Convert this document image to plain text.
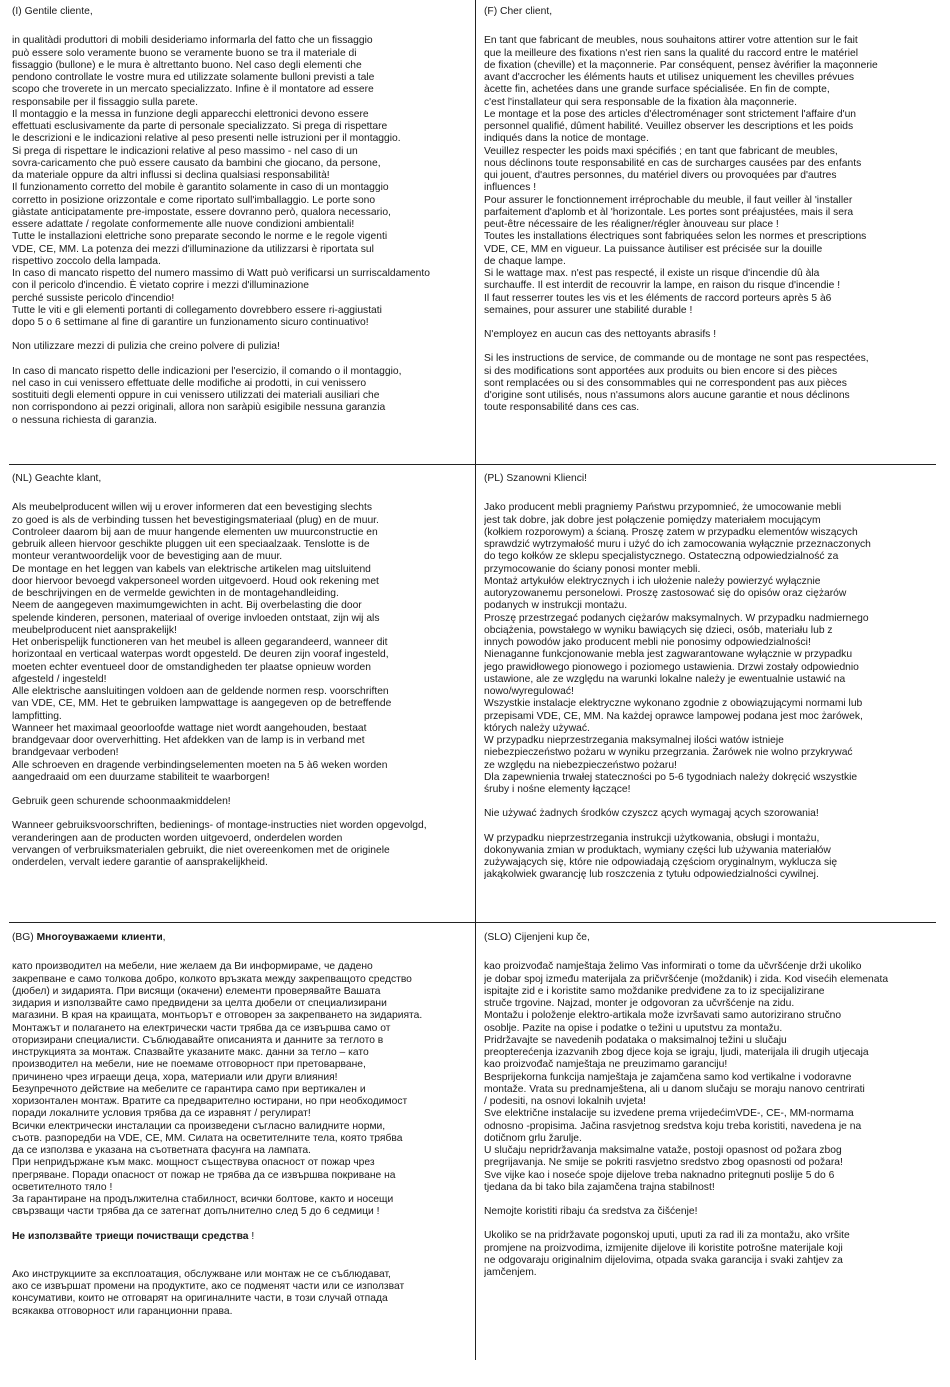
(I) Gentile cliente,

in qualitàdi produttori di mobili desideriamo informarla del fatto che un fissaggio
può essere solo veramente buono se veramente buono se tra il materiale di
fissaggio (bullone) e le mura è altrettanto buono. Nel caso degli elementi che
pendono controllate le vostre mura ed utilizzate solamente bulloni previsti a tale
scopo che troverete in un mercato specializzato. Infine è il montatore ad essere
responsabile per il fissaggio sulla parete.
Il montaggio e la messa in funzione degli apparecchi elettronici devono essere
effettuati esclusivamente da parte di personale specializzato. Si prega di rispettare
le descrizioni e le indicazioni relative al peso presenti nelle istruzioni per il montaggio.
Si prega di rispettare le indicazioni relative al peso massimo - nel caso di un
sovra-caricamento che può essere causato da bambini che giocano, da persone,
da materiale oppure da altri influssi si declina qualsiasi responsabilità!
Il funzionamento corretto del mobile è garantito solamente in caso di un montaggio
corretto in posizione orizzontale e come riportato sull'imballaggio. Le porte sono
giàstate anticipatamente pre-impostate, essere dovranno però, qualora necessario,
essere adattate / regolate conformemente alle nuove condizioni ambientali!
Tutte le installazioni elettriche sono preparate secondo le norme e le regole vigenti
VDE, CE, MM. La potenza dei mezzi d'illuminazione da utilizzarsi è riportata sul
rispettivo zoccolo della lampada.
In caso di mancato rispetto del numero massimo di Watt può verificarsi un surriscaldamento
con il pericolo d'incendio. È vietato coprire i mezzi d'illuminazione
perché sussiste pericolo d'incendio!
Tutte le viti e gli elementi portanti di collegamento dovrebbero essere ri-aggiustati
dopo 5 o 6 settimane al fine di garantire un funzionamento sicuro continuativo!

Non utilizzare mezzi di pulizia che creino polvere di pulizia!

In caso di mancato rispetto delle indicazioni per l'esercizio, il comando o il montaggio,
nel caso in cui venissero effettuate delle modifiche ai prodotti, in cui venissero
sostituiti degli elementi oppure in cui venissero utilizzati dei materiali ausiliari che
non corrispondono ai pezzi originali, allora non saràpiù esigibile nessuna garanzia
o nessuna richiesta di garanzia.

(F) Cher client,

En tant que fabricant de meubles, nous souhaitons attirer votre attention sur le fait
que la meilleure des fixations n'est rien sans la qualité du raccord entre le matériel
de fixation (cheville) et la maçonnerie. Par conséquent, pensez àvérifier la maçonnerie
avant d'accrocher les éléments hauts et utilisez uniquement les chevilles prévues
àcette fin, achetées dans une grande surface spécialisée. En fin de compte,
c'est l'installateur qui sera responsable de la fixation àla maçonnerie.
Le montage et la pose des articles d'électroménager sont strictement l'affaire d'un
personnel qualifié, dûment habilité. Veuillez observer les descriptions et les poids
indiqués dans la notice de montage.
Veuillez respecter les poids maxi spécifiés ; en tant que fabricant de meubles,
nous déclinons toute responsabilité en cas de surcharges causées par des enfants
qui jouent, d'autres personnes, du matériel divers ou provoquées par d'autres
influences !
Pour assurer le fonctionnement irréprochable du meuble, il faut veiller àl 'installer
parfaitement d'aplomb et àl 'horizontale. Les portes sont préajustées, mais il sera
peut-être nécessaire de les réaligner/régler ànouveau sur place !
Toutes les installations électriques sont fabriquées selon les normes et prescriptions
VDE, CE, MM en vigueur. La puissance àutiliser est précisée sur la douille
de chaque lampe.
Si le wattage max. n'est pas respecté, il existe un risque d'incendie dû àla
surchauffe. Il est interdit de recouvrir la lampe, en raison du risque d'incendie !
Il faut resserrer toutes les vis et les éléments de raccord porteurs après 5 à6
semaines, pour assurer une stabilité durable !

N'employez en aucun cas des nettoyants abrasifs !

Si les instructions de service, de commande ou de montage ne sont pas respectées,
si des modifications sont apportées aux produits ou bien encore si des pièces
sont remplacées ou si des consommables qui ne correspondent pas aux pièces
d'origine sont utilisés, nous n'assumons alors aucune garantie et nous déclinons
toute responsabilité dans ces cas.

(NL) Geachte klant,

Als meubelproducent willen wij u erover informeren dat een bevestiging slechts
zo goed is als de verbinding tussen het bevestigingsmateriaal (plug) en de muur.
Controleer daarom bij aan de muur hangende elementen uw muurconstructie en
gebruik alleen hiervoor geschikte pluggen uit een speciaalzaak. Tenslotte is de
monteur verantwoordelijk voor de bevestiging aan de muur.
De montage en het leggen van kabels van elektrische artikelen mag uitsluitend
door hiervoor bevoegd vakpersoneel worden uitgevoerd. Houd ook rekening met
de beschrijvingen en de vermelde gewichten in de montagehandleiding.
Neem de aangegeven maximumgewichten in acht. Bij overbelasting die door
spelende kinderen, personen, materiaal of overige invloeden ontstaat, zijn wij als
meubelproducent niet aansprakelijk!
Het onberispelijk functioneren van het meubel is alleen gegarandeerd, wanneer dit
horizontaal en verticaal waterpas wordt opgesteld. De deuren zijn vooraf ingesteld,
moeten echter eventueel door de omstandigheden ter plaatse opnieuw worden
afgesteld / ingesteld!
Alle elektrische aansluitingen voldoen aan de geldende normen resp. voorschriften
van VDE, CE, MM. Het te gebruiken lampwattage is aangegeven op de betreffende
lampfitting.
Wanneer het maximaal geoorloofde wattage niet wordt aangehouden, bestaat
brandgevaar door oververhitting. Het afdekken van de lamp is in verband met
brandgevaar verboden!
Alle schroeven en dragende verbindingselementen moeten na 5 à6 weken worden
aangedraaid om een duurzame stabiliteit te waarborgen!

Gebruik geen schurende schoonmaakmiddelen!

Wanneer gebruiksvoorschriften, bedienings- of montage-instructies niet worden opgevolgd,
veranderingen aan de producten worden uitgevoerd, onderdelen worden
vervangen of verbruiksmaterialen gebruikt, die niet overeenkomen met de originele
onderdelen, vervalt iedere garantie of aansprakelijkheid.

(PL) Szanowni Klienci!

Jako producent mebli pragniemy Państwu przypomnieć, że umocowanie mebli
jest tak dobre, jak dobre jest połączenie pomiędzy materiałem mocującym
(kołkiem rozporowym) a ścianą. Proszę zatem w przypadku elementów wiszących
sprawdzić wytrzymałość muru i użyć do ich zamocowania wyłącznie przeznaczonych
do tego kołków ze sklepu specjalistycznego. Ostateczną odpowiedzialność za
przymocowanie do ściany ponosi monter mebli.
Montaż artykułów elektrycznych i ich ułożenie należy powierzyć wyłącznie
autoryzowanemu personelowi. Proszę zastosować się do opisów oraz ciężarów
podanych w instrukcji montażu.
Proszę przestrzegać podanych ciężarów maksymalnych. W przypadku nadmiernego
obciążenia, powstałego w wyniku bawiących się dzieci, osób, materiału lub z
innych powodów jako producent mebli nie ponosimy odpowiedzialności!
Nienaganne funkcjonowanie mebla jest zagwarantowane wyłącznie w przypadku
jego prawidłowego pionowego i poziomego ustawienia. Drzwi zostały odpowiednio
ustawione, ale ze względu na warunki lokalne należy je ewentualnie ustawić na
nowo/wyregulować!
Wszystkie instalacje elektryczne wykonano zgodnie z obowiązującymi normami lub
przepisami VDE, CE, MM. Na każdej oprawce lampowej podana jest moc żarówek,
których należy używać.
W przypadku nieprzestrzegania maksymalnej ilości watów istnieje
niebezpieczeństwo pożaru w wyniku przegrzania. Żarówek nie wolno przykrywać
ze względu na niebezpieczeństwo pożaru!
Dla zapewnienia trwałej stateczności po 5-6 tygodniach należy dokręcić wszystkie
śruby i nośne elementy łączące!

Nie używać żadnych środków czyszcz ących wymagaj ących szorowania!

W przypadku nieprzestrzegania instrukcji użytkowania, obsługi i montażu,
dokonywania zmian w produktach, wymiany części lub używania materiałów
zużywających się, które nie odpowiadają częściom oryginalnym, wyklucza się
jakąkolwiek gwarancję lub roszczenia z tytułu odpowiedzialności cywilnej.

(BG) Многоуважаеми клиенти,

като производител на мебели, ние желаем да Ви информираме, че дадено
закрепване е само толкова добро, колкото връзката между закрепващото средство
(дюбел) и зидарията. При висящи (окачени) елементи проверявайте Вашата
зидария и използвайте само предвидени за целта дюбели от специализирани
магазини. В края на краищата, монтьорът е отговорен за закрепването на зидарията.
Монтажът и полагането на електрически части трябва да се извършва само от
оторизирани специалисти. Съблюдавайте описанията и данните за теглото в
инструкцията за монтаж. Спазвайте указаните макс. данни за тегло – като
производител на мебели, ние не поемаме отговорност при претоварване,
причинено чрез играещи деца, хора, материали или други влияния!
Безупречното действие на мебелите се гарантира само при вертикален и
хоризонтален монтаж. Вратите са предварително юстирани, но при необходимост
поради локалните условия трябва да се изравнят / регулират!
Всички електрически инсталации са произведени съгласно валидните норми,
съотв. разпоредби на VDE, CE, MM. Силата на осветителните тела, която трябва
да се използва е указана на съответната фасунга на лампата.
При непридържане към макс. мощност съществува опасност от пожар чрез
прегряване. Поради опасност от пожар не трябва да се извършва покриване на
осветителното тяло !
За гарантиране на продължителна стабилност, всички болтове, както и носещи
свързващи части трябва да се затегнат допълнително след 5 до 6 седмици !

Не използвайте триещи почистващи средства !

Ако инструкциите за експлоатация, обслужване или монтаж не се съблюдават,
ако се извършат промени на продуктите, ако се подменят части или се използват
консумативи, които не отговарят на оригиналните части, в този случай отпада
всякаква отговорност или гаранционни права.

(SLO) Cijenjeni kup če,

kao proizvođač namještaja želimo Vas informirati o tome da učvršćenje drži ukoliko
je dobar spoj između materijala za pričvršćenje (moždanik) i zida. Kod visećih elemenata
ispitajte zid e i koristite samo moždanike predviđene za to iz specijalizirane
struče trgovine. Najzad, monter je odgovoran za učvršćenje na zidu.
Montažu i položenje elektro-artikala može izvršavati samo autorizirano stručno
osoblje. Pazite na opise i podatke o težini u uputstvu za montažu.
Pridržavajte se navedenih podataka o maksimalnoj težini u slučaju
preopterećenja izazvanih zbog djece koja se igraju, ljudi, materijala ili drugih utjecaja
kao proizvođač namještaja ne preuzimamo garanciju!
Besprijekorna funkcija namještaja je zajamčena samo kod vertikalne i vodoravne
montaže. Vrata su prednamještena, ali u danom slučaju se moraju nanovo centrirati
/ podesiti, na osnovi lokalnih uvjeta!
Sve električne instalacije su izvedene prema vrijedećimVDE-, CE-, MM-normama
odnosno -propisima. Jačina rasvjetnog sredstva koju treba koristiti, navedena je na
dotičnom grlu žarulje.
U slučaju nepridržavanja maksimalne vataže, postoji opasnost od požara zbog
pregrijavanja. Ne smije se pokriti rasvjetno sredstvo zbog opasnosti od požara!
Sve vijke kao i noseće spoje dijelove treba naknadno pritegnuti poslije 5 do 6
tjedana da bi tako bila zajamčena trajna stabilnost!

Nemojte koristiti ribaju ća sredstva za čišćenje!

Ukoliko se na pridržavate pogonskoj uputi, uputi za rad ili za montažu, ako vršite
promjene na proizvodima, izmijenite dijelove ili koristite potrošne materijale koji
ne odgovaraju originalnim dijelovima, otpada svaka garancija i svaki zahtjev za
jamčenjem.
